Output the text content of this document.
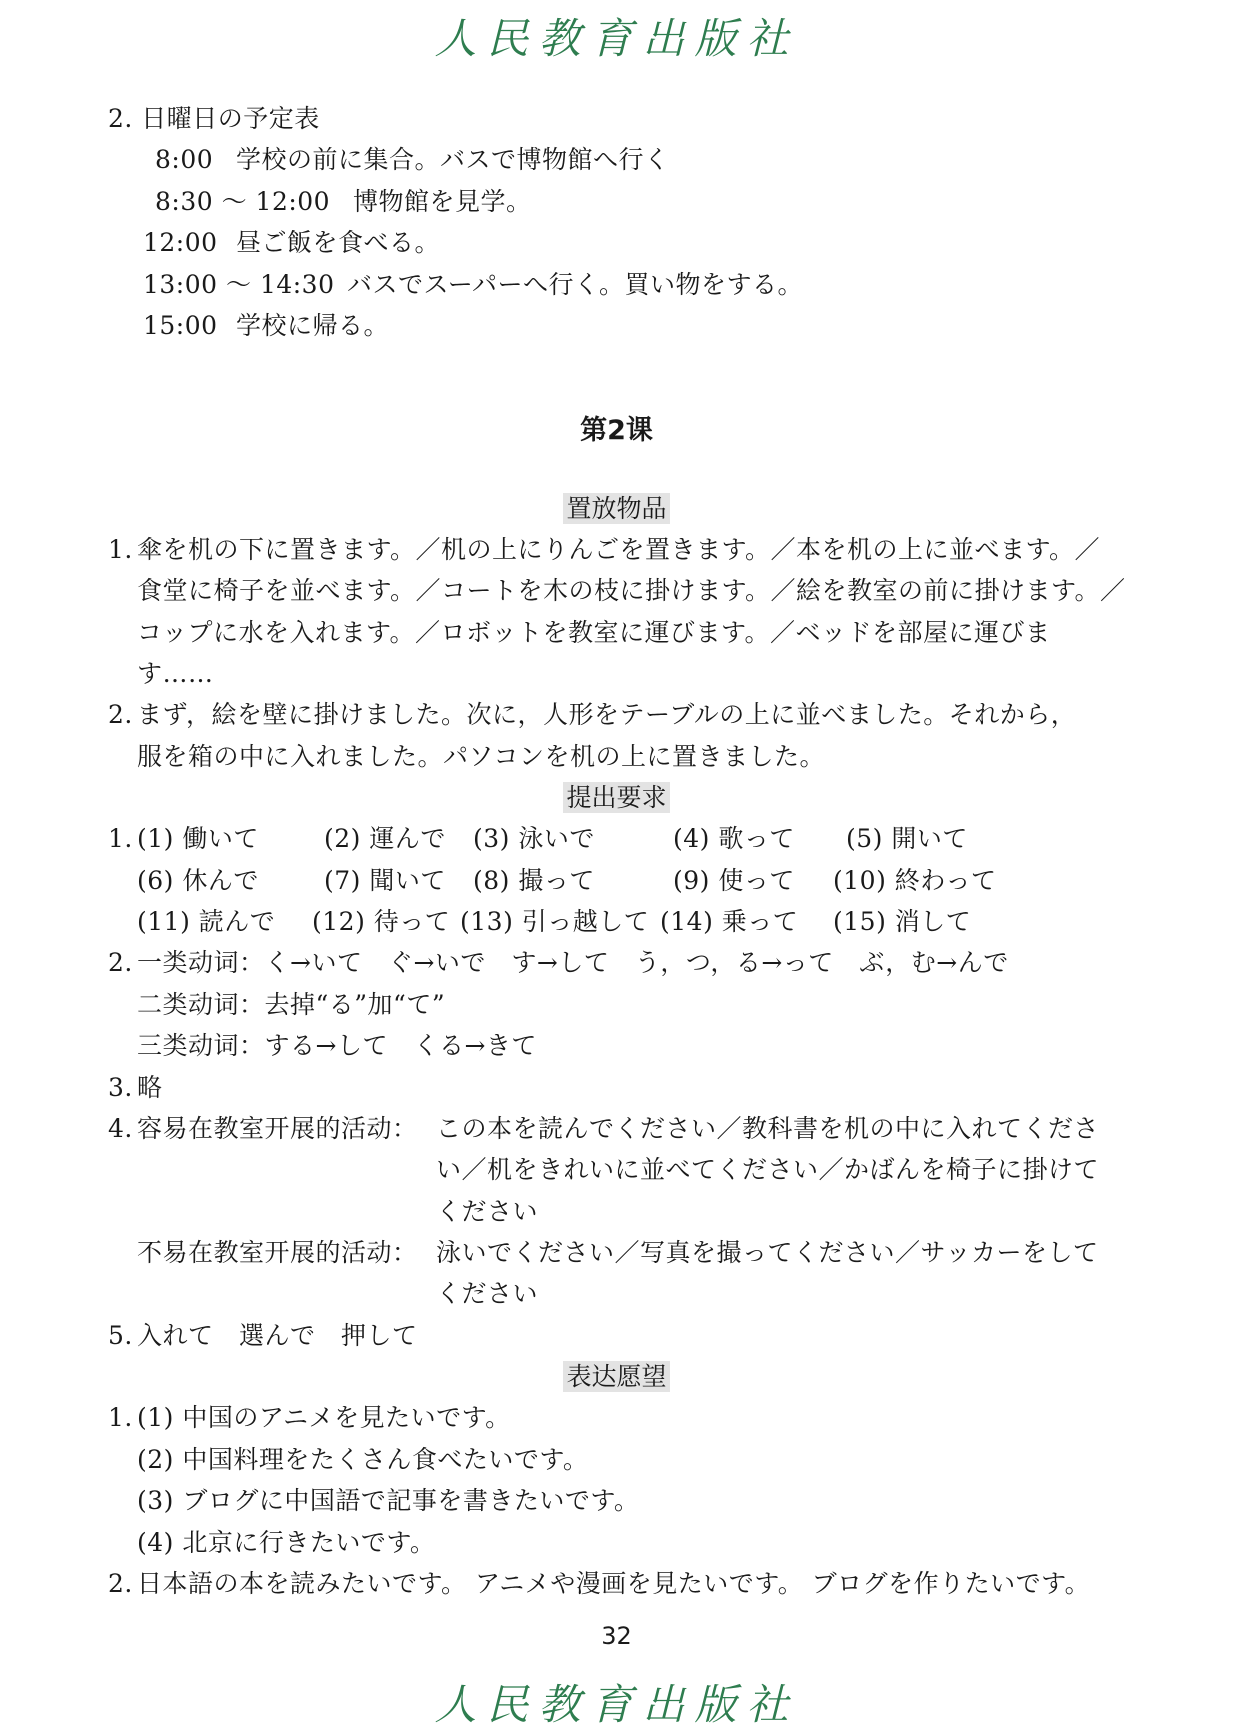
人民教育出版社
2. 日曜日の予定表
8:00 学校の前に集合。バスで博物館へ行く
8:30 ～ 12:00 博物館を見学。
12:00 昼ご飯を食べる。
13:00 ～ 14:30 バスでスーパーへ行く。買い物をする。
15:00 学校に帰る。
第2课
置放物品
1. 傘を机の下に置きます。／机の上にりんごを置きます。／本を机の上に並べます。／
食堂に椅子を並べます。／コートを木の枝に掛けます。／絵を教室の前に掛けます。／
コップに水を入れます。／ロボットを教室に運びます。／ベッドを部屋に運びま
す……
2. まず，絵を壁に掛けました。次に，人形をテーブルの上に並べました。それから，
服を箱の中に入れました。パソコンを机の上に置きました。
提出要求
1. (1) 働いて	(2) 運んで (3) 泳いで	(4) 歌って (5) 開いて
(6) 休んで	(7) 聞いて (8) 撮って	(9) 使って (10) 終わって
(11) 読んで (12) 待って (13) 引っ越して (14) 乗って (15) 消して
2. 一类动词：く→いて　ぐ→いで　す→して　う，つ，る→って　ぶ，む→んで
二类动词：去掉“る”加“て”
三类动词：する→して　くる→きて
3. 略
4. 容易在教室开展的活动： この本を読んでください／教科書を机の中に入れてくださ
い／机をきれいに並べてください／かばんを椅子に掛けて
ください
不易在教室开展的活动： 泳いでください／写真を撮ってください／サッカーをして
ください
5. 入れて　選んで　押して
表达愿望
1. (1) 中国のアニメを見たいです。
(2) 中国料理をたくさん食べたいです。
(3) ブログに中国語で記事を書きたいです。
(4) 北京に行きたいです。
2. 日本語の本を読みたいです。 アニメや漫画を見たいです。 ブログを作りたいです。
32
人民教育出版社
